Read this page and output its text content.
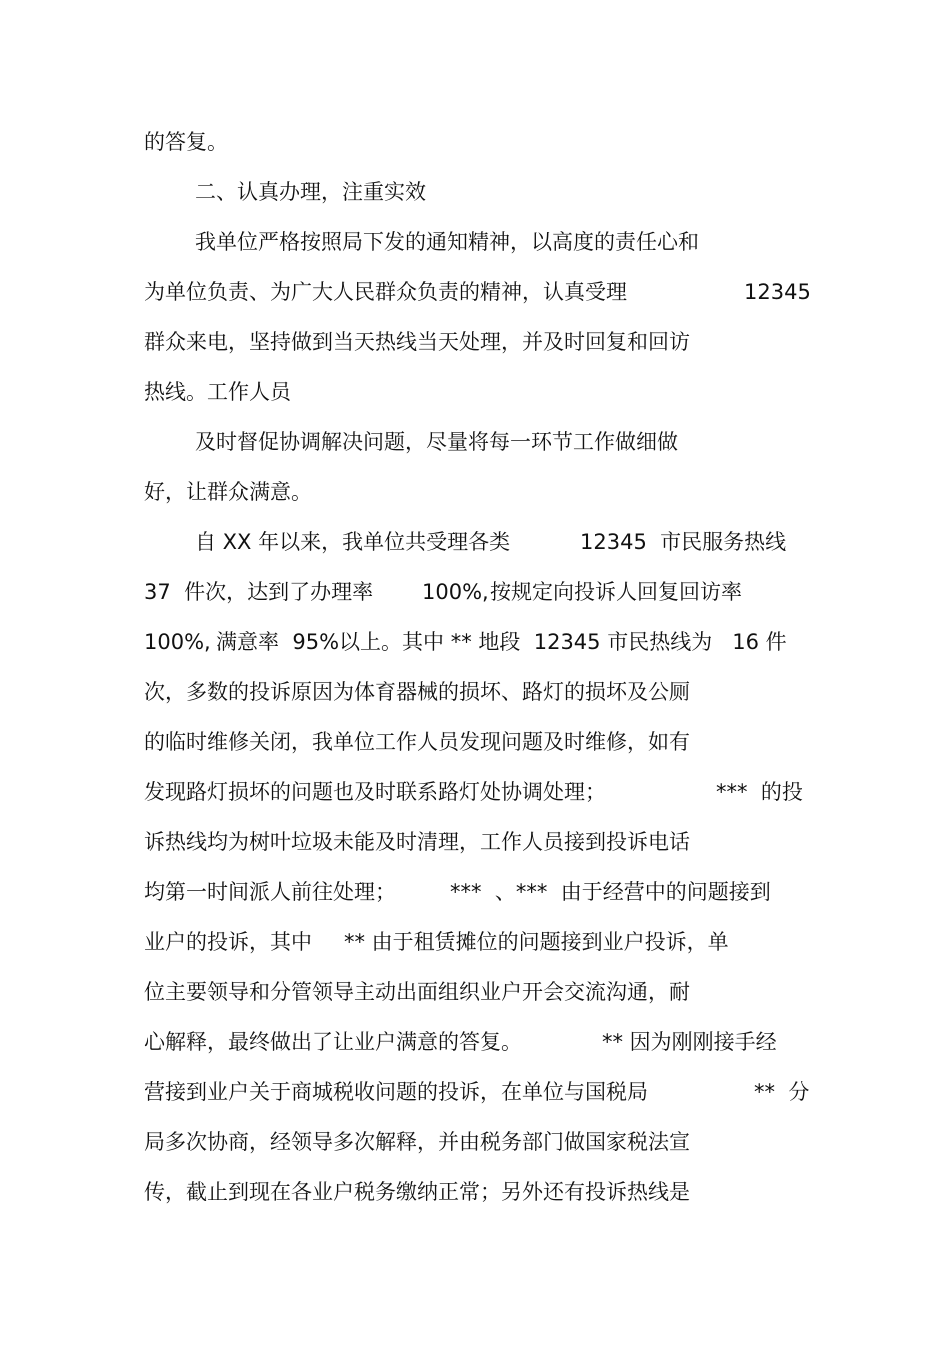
的答复。
二、认真办理，注重实效
我单位严格按照局下发的通知精神，以高度的责任心和

为单位负责、为广大人民群众负责的精神，认真受理

	12345

群众来电，坚持做到当天热线当天处理，并及时回复和回访
热线。工作人员
及时督促协调解决问题，尽量将每一环节工作做细做
好，让群众满意。

自 XX 年以来，我单位共受理各类

	12345  市民服务热线

37  件次，达到了办理率

100%,

按规定向投诉人回复回访率

100%,

满意率  95%以上。其中 ** 地段  12345 市民热线为   16 件

次，多数的投诉原因为体育器械的损坏、路灯的损坏及公厕
的临时维修关闭，我单位工作人员发现问题及时维修，如有

发现路灯损坏的问题也及时联系路灯处协调处理；

	***  的投

诉热线均为树叶垃圾未能及时清理，工作人员接到投诉电话

均第一时间派人前往处理；

	***  、***  由于经营中的问题接到

业户的投诉，其中

** 由于租赁摊位的问题接到业户投诉，单

位主要领导和分管领导主动出面组织业户开会交流沟通，耐

心解释，最终做出了让业户满意的答复。

	** 因为刚刚接手经

营接到业户关于商城税收问题的投诉，在单位与国税局

	**  分

局多次协商，经领导多次解释，并由税务部门做国家税法宣
传，截止到现在各业户税务缴纳正常；另外还有投诉热线是
